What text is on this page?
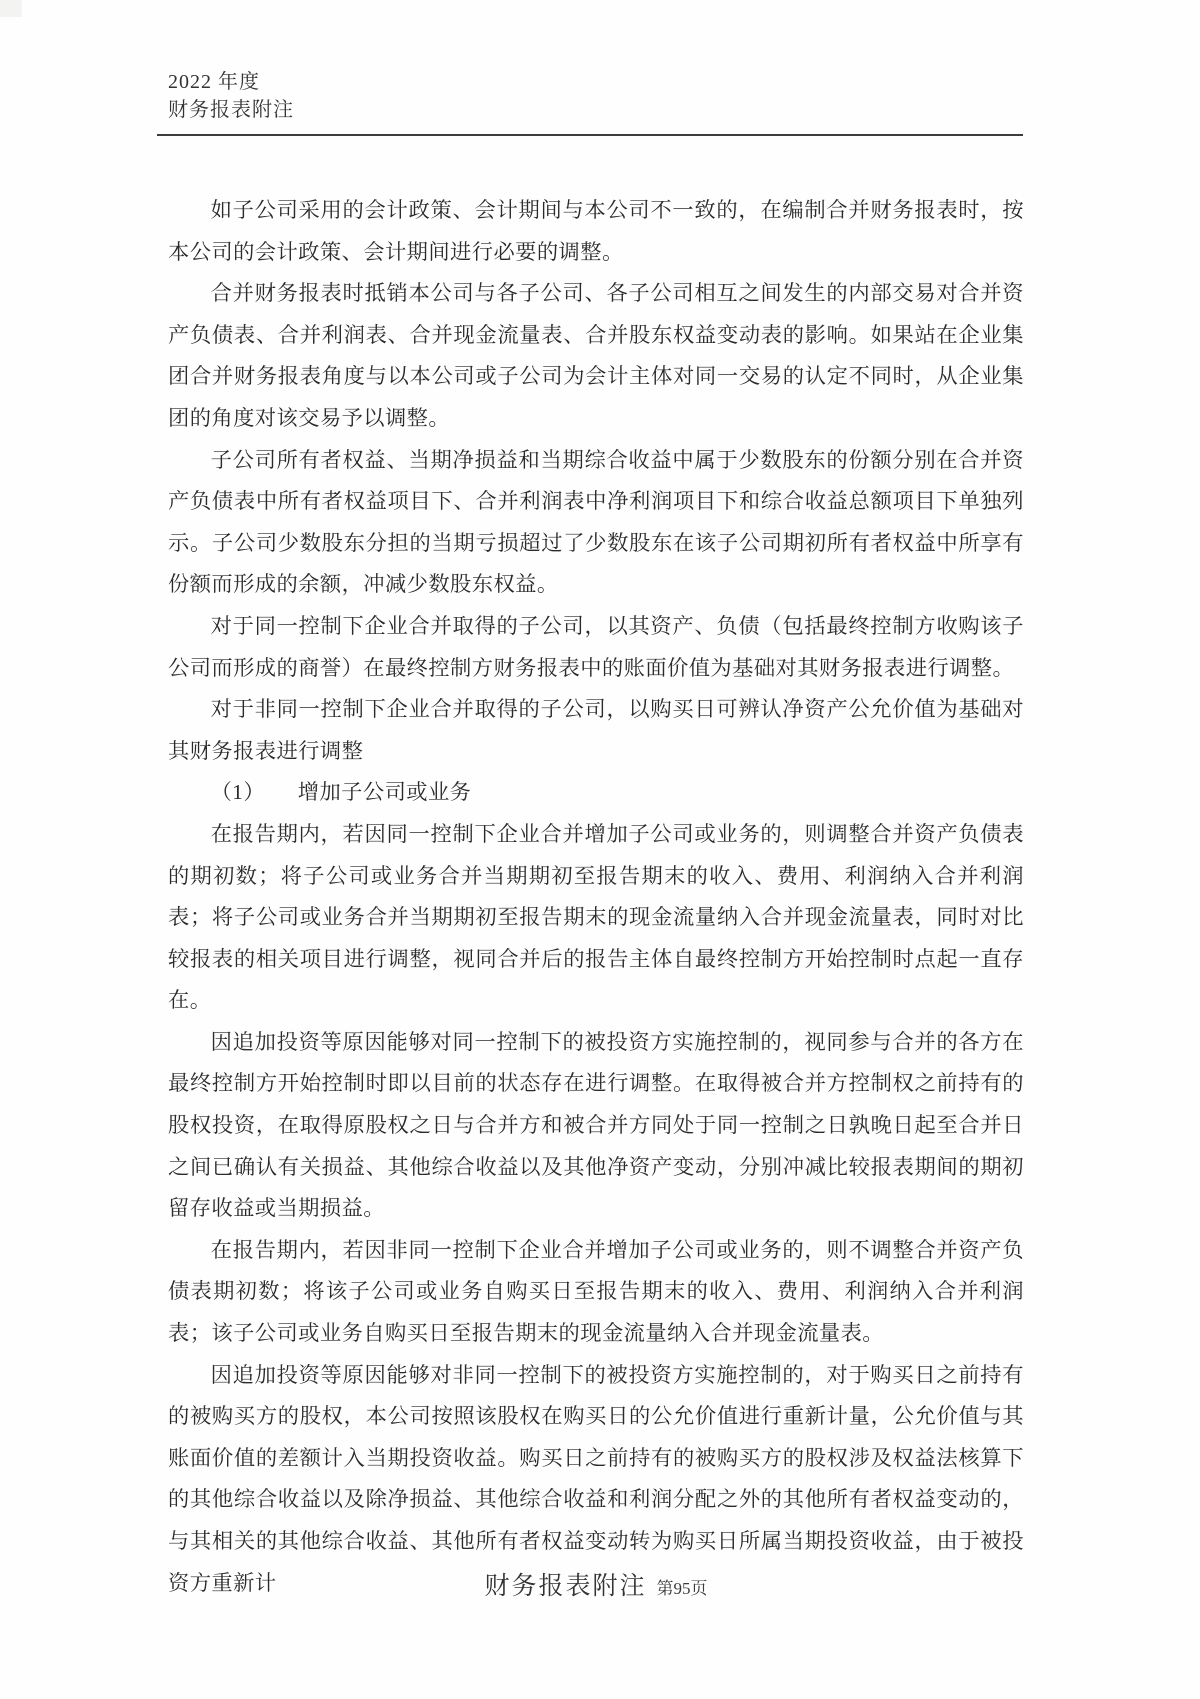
2022 年度
财务报表附注

如子公司采用的会计政策、会计期间与本公司不一致的，在编制合并财务报表时，按本公司的会计政策、会计期间进行必要的调整。

合并财务报表时抵销本公司与各子公司、各子公司相互之间发生的内部交易对合并资产负债表、合并利润表、合并现金流量表、合并股东权益变动表的影响。如果站在企业集团合并财务报表角度与以本公司或子公司为会计主体对同一交易的认定不同时，从企业集团的角度对该交易予以调整。

子公司所有者权益、当期净损益和当期综合收益中属于少数股东的份额分别在合并资产负债表中所有者权益项目下、合并利润表中净利润项目下和综合收益总额项目下单独列示。子公司少数股东分担的当期亏损超过了少数股东在该子公司期初所有者权益中所享有份额而形成的余额，冲减少数股东权益。

对于同一控制下企业合并取得的子公司，以其资产、负债（包括最终控制方收购该子公司而形成的商誉）在最终控制方财务报表中的账面价值为基础对其财务报表进行调整。

对于非同一控制下企业合并取得的子公司，以购买日可辨认净资产公允价值为基础对其财务报表进行调整

（1）　　增加子公司或业务

在报告期内，若因同一控制下企业合并增加子公司或业务的，则调整合并资产负债表的期初数；将子公司或业务合并当期期初至报告期末的收入、费用、利润纳入合并利润表；将子公司或业务合并当期期初至报告期末的现金流量纳入合并现金流量表，同时对比较报表的相关项目进行调整，视同合并后的报告主体自最终控制方开始控制时点起一直存在。

因追加投资等原因能够对同一控制下的被投资方实施控制的，视同参与合并的各方在最终控制方开始控制时即以目前的状态存在进行调整。在取得被合并方控制权之前持有的股权投资，在取得原股权之日与合并方和被合并方同处于同一控制之日孰晚日起至合并日之间已确认有关损益、其他综合收益以及其他净资产变动，分别冲减比较报表期间的期初留存收益或当期损益。

在报告期内，若因非同一控制下企业合并增加子公司或业务的，则不调整合并资产负债表期初数；将该子公司或业务自购买日至报告期末的收入、费用、利润纳入合并利润表；该子公司或业务自购买日至报告期末的现金流量纳入合并现金流量表。

因追加投资等原因能够对非同一控制下的被投资方实施控制的，对于购买日之前持有的被购买方的股权，本公司按照该股权在购买日的公允价值进行重新计量，公允价值与其账面价值的差额计入当期投资收益。购买日之前持有的被购买方的股权涉及权益法核算下的其他综合收益以及除净损益、其他综合收益和利润分配之外的其他所有者权益变动的，与其相关的其他综合收益、其他所有者权益变动转为购买日所属当期投资收益，由于被投资方重新计	财务报表附注 第95页
